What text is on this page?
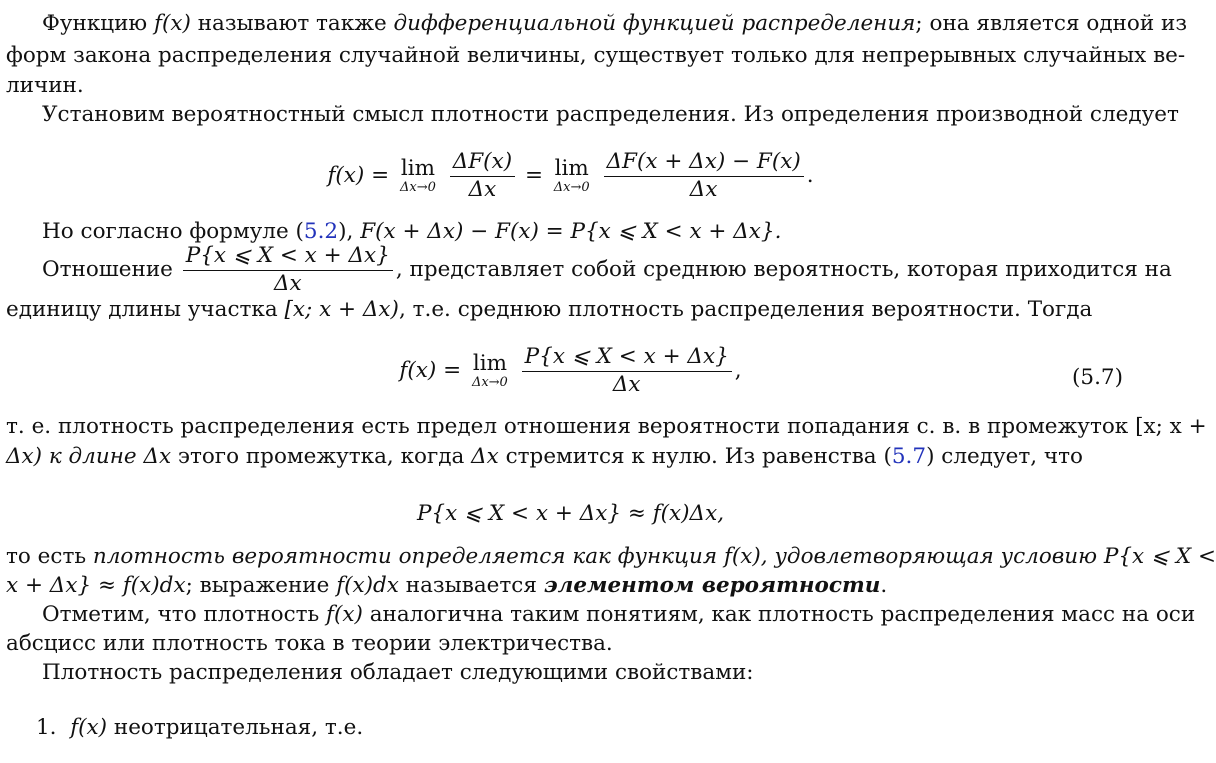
Функцию f(x) называют также дифференциальной функцией распределения; она является одной из
форм закона распределения случайной величины, существует только для непрерывных случайных ве-
личин.
Установим вероятностный смысл плотности распределения. Из определения производной следует
f(x) = lim
Δx→0
$\frac{\Delta F(x)}{\Delta x} = \lim$
Δx→0
$\frac{\Delta F(x + \Delta x) - F(x)}{\Delta x}$ .
Но согласно формуле (5.2), F(x + Δx) − F(x) = P{x ⩽ X < x + Δx}.
Отношение $\frac{P\{x ⩽ X < x + \Delta x\}}{\Delta x}$ , представляет собой среднюю вероятность, которая приходится на
единицу длины участка [x; x + Δx), т.е. среднюю плотность распределения вероятности. Тогда
f(x) = lim
Δx→0
$\frac{P\{x ⩽ X < x + \Delta x\}}{\Delta x}$ ,	(5.7)
т. е. плотность распределения есть предел отношения вероятности попадания с. в. в промежуток [x; x +
Δx) к длине Δx этого промежутка, когда Δx стремится к нулю. Из равенства (5.7) следует, что
P{x ⩽ X < x + Δx} ≈ f(x)Δx,
то есть плотность вероятности определяется как функция f(x), удовлетворяющая условию P{x ⩽ X <
x + Δx} ≈ f(x)dx; выражение f(x)dx называется элементом вероятности.
Отметим, что плотность f(x) аналогична таким понятиям, как плотность распределения масс на оси
абсцисс или плотность тока в теории электричества.
Плотность распределения обладает следующими свойствами:
1. f(x) неотрицательная, т.е.
